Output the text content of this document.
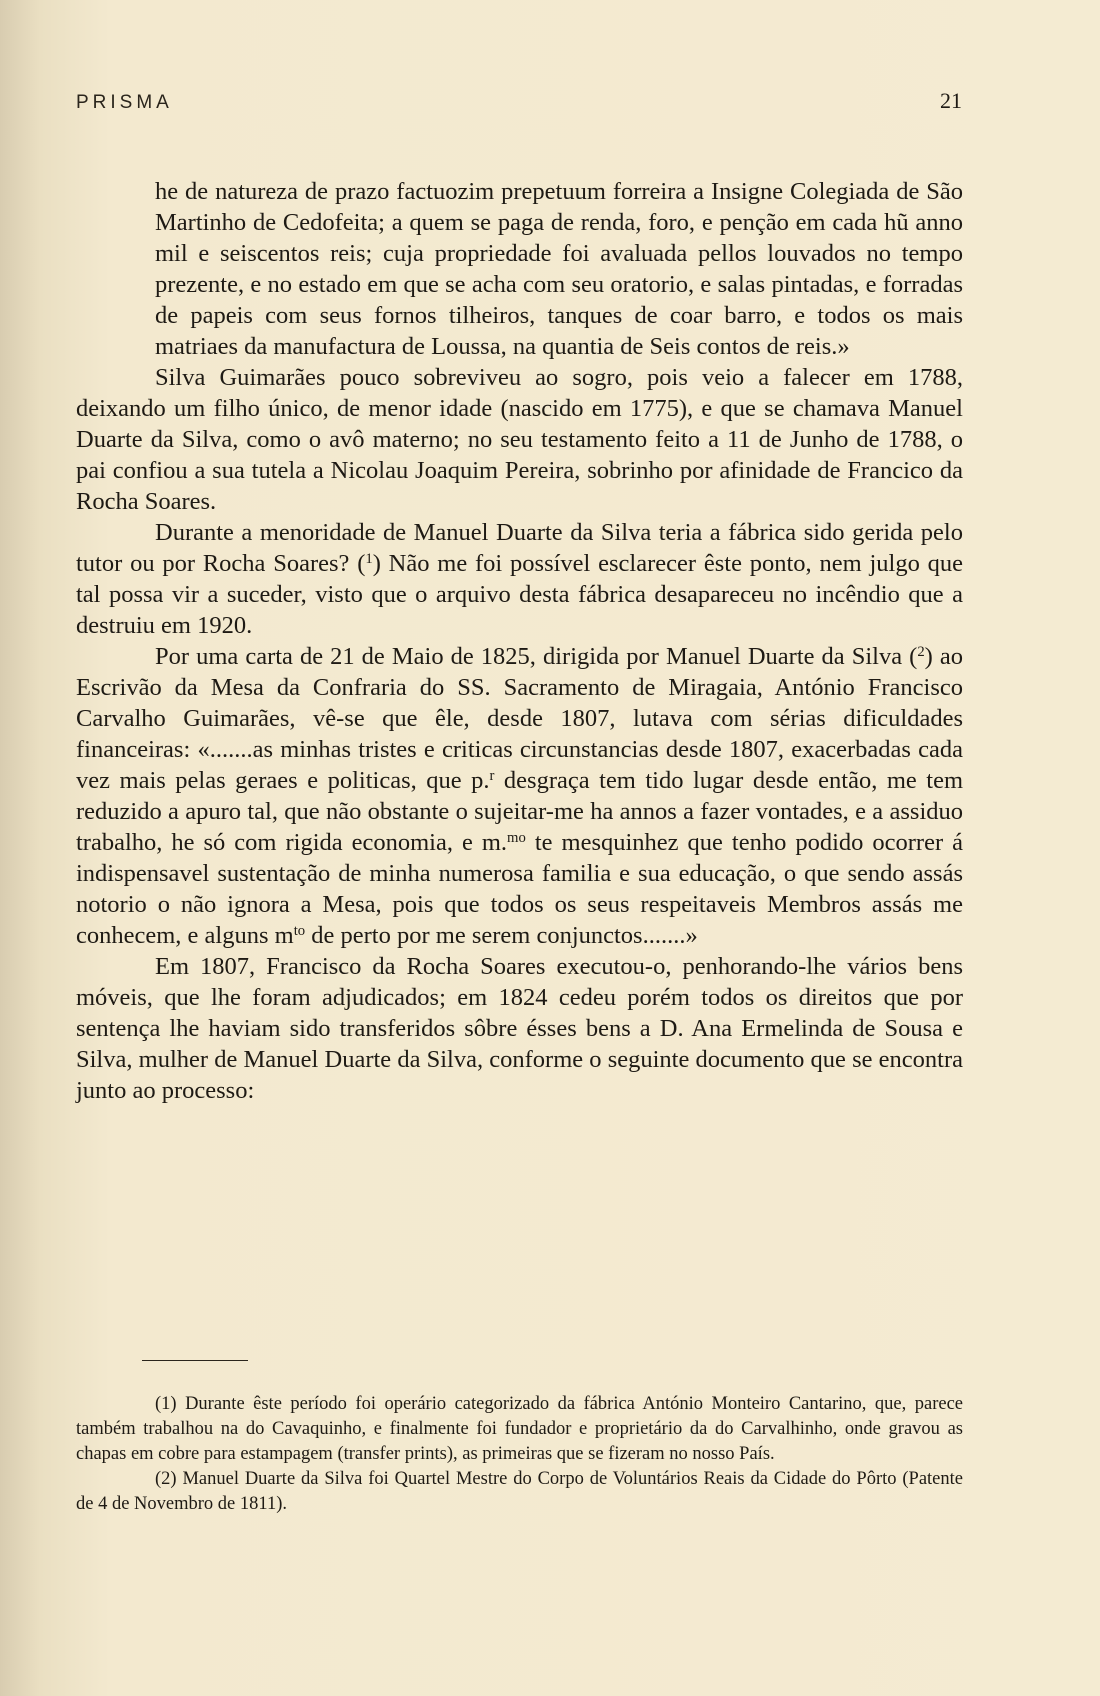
PRISMA	21

he de natureza de prazo factuozim prepetuum forreira a Insigne Colegiada de São Martinho de Cedofeita; a quem se paga de renda, foro, e penção em cada hũ anno mil e seiscentos reis; cuja propriedade foi avaluada pellos louvados no tempo prezente, e no estado em que se acha com seu oratorio, e salas pintadas, e forradas de papeis com seus fornos tilheiros, tanques de coar barro, e todos os mais matriaes da manufactura de Loussa, na quantia de Seis contos de reis.»

Silva Guimarães pouco sobreviveu ao sogro, pois veio a falecer em 1788, deixando um filho único, de menor idade (nascido em 1775), e que se chamava Manuel Duarte da Silva, como o avô materno; no seu testamento feito a 11 de Junho de 1788, o pai confiou a sua tutela a Nicolau Joaquim Pereira, sobrinho por afinidade de Francico da Rocha Soares.

Durante a menoridade de Manuel Duarte da Silva teria a fábrica sido gerida pelo tutor ou por Rocha Soares? ($^1$) Não me foi possível esclarecer êste ponto, nem julgo que tal possa vir a suceder, visto que o arquivo desta fábrica desapareceu no incêndio que a destruiu em 1920.

Por uma carta de 21 de Maio de 1825, dirigida por Manuel Duarte da Silva ($^2$) ao Escrivão da Mesa da Confraria do SS. Sacramento de Miragaia, António Francisco Carvalho Guimarães, vê-se que êle, desde 1807, lutava com sérias dificuldades financeiras: «.......as minhas tristes e criticas circunstancias desde 1807, exacerbadas cada vez mais pelas geraes e politicas, que p.$^r$ desgraça tem tido lugar desde então, me tem reduzido a apuro tal, que não obstante o sujeitar-me ha annos a fazer vontades, e a assiduo trabalho, he só com rigida economia, e m.$^{mo}$ te mesquinhez que tenho podido ocorrer á indispensavel sustentação de minha numerosa familia e sua educação, o que sendo assás notorio o não ignora a Mesa, pois que todos os seus respeitaveis Membros assás me conhecem, e alguns $m^{to}$ de perto por me serem conjunctos.......»

Em 1807, Francisco da Rocha Soares executou-o, penhorando-lhe vários bens móveis, que lhe foram adjudicados; em 1824 cedeu porém todos os direitos que por sentença lhe haviam sido transferidos sôbre ésses bens a D. Ana Ermelinda de Sousa e Silva, mulher de Manuel Duarte da Silva, conforme o seguinte documento que se encontra junto ao processo:

(1) Durante êste período foi operário categorizado da fábrica António Monteiro Cantarino, que, parece também trabalhou na do Cavaquinho, e finalmente foi fundador e proprietário da do Carvalhinho, onde gravou as chapas em cobre para estampagem (transfer prints), as primeiras que se fizeram no nosso País.

(2) Manuel Duarte da Silva foi Quartel Mestre do Corpo de Voluntários Reais da Cidade do Pôrto (Patente de 4 de Novembro de 1811).
